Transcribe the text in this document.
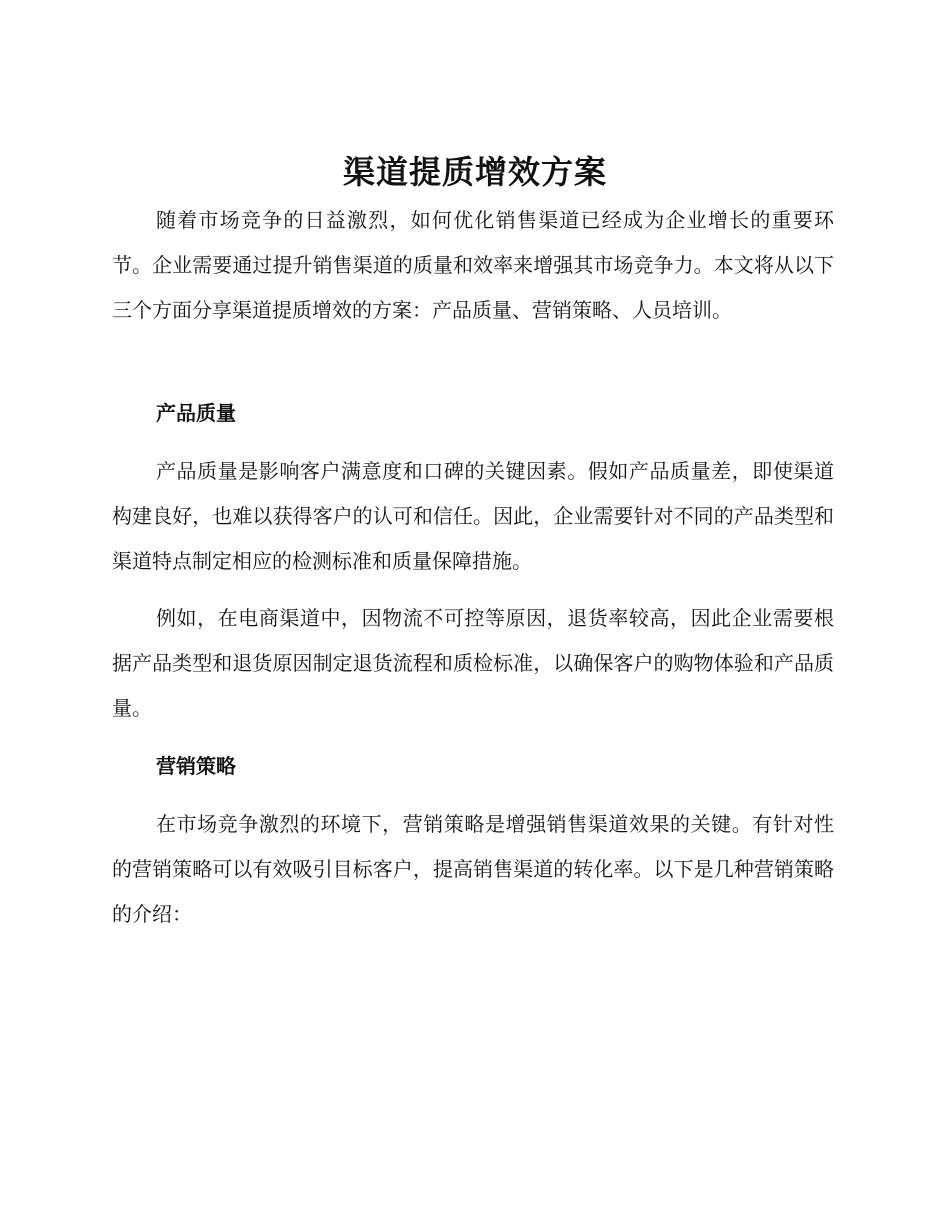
渠道提质增效方案

随着市场竞争的日益激烈，如何优化销售渠道已经成为企业增长的重要环节。企业需要通过提升销售渠道的质量和效率来增强其市场竞争力。本文将从以下三个方面分享渠道提质增效的方案：产品质量、营销策略、人员培训。

产品质量

产品质量是影响客户满意度和口碑的关键因素。假如产品质量差，即使渠道构建良好，也难以获得客户的认可和信任。因此，企业需要针对不同的产品类型和渠道特点制定相应的检测标准和质量保障措施。

例如，在电商渠道中，因物流不可控等原因，退货率较高，因此企业需要根据产品类型和退货原因制定退货流程和质检标准，以确保客户的购物体验和产品质量。

营销策略

在市场竞争激烈的环境下，营销策略是增强销售渠道效果的关键。有针对性的营销策略可以有效吸引目标客户，提高销售渠道的转化率。以下是几种营销策略的介绍：
